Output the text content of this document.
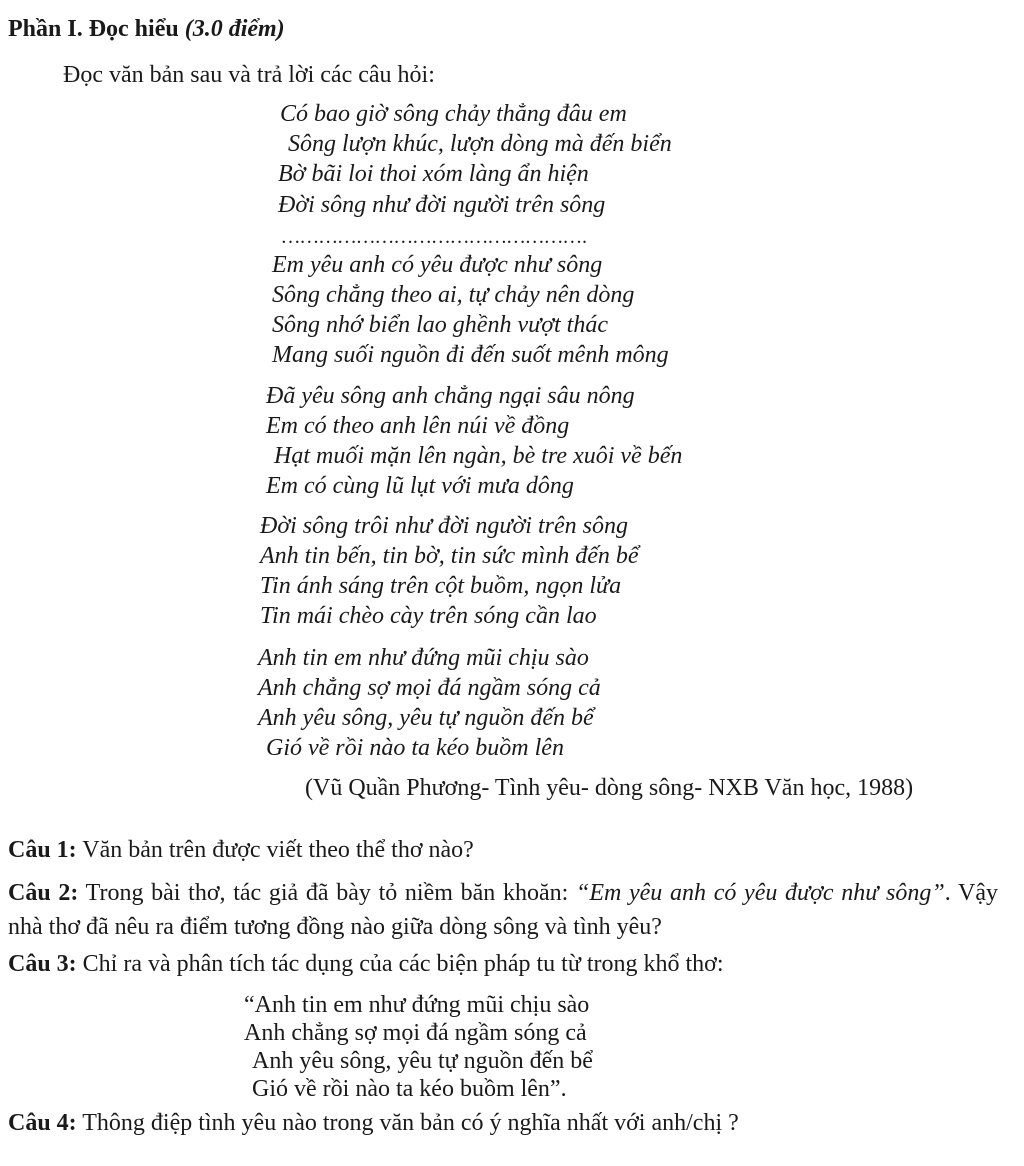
Phần I. Đọc hiểu (3.0 điểm)
Đọc văn bản sau và trả lời các câu hỏi:
Có bao giờ sông chảy thẳng đâu em
Sông lượn khúc, lượn dòng mà đến biển
Bờ bãi loi thoi xóm làng ẩn hiện
Đời sông như đời người trên sông
………………………………………….
Em yêu anh có yêu được như sông
Sông chẳng theo ai, tự chảy nên dòng
Sông nhớ biển lao ghềnh vượt thác
Mang suối nguồn đi đến suốt mênh mông
Đã yêu sông anh chẳng ngại sâu nông
Em có theo anh lên núi về đồng
Hạt muối mặn lên ngàn, bè tre xuôi về bến
Em có cùng lũ lụt với mưa dông
Đời sông trôi như đời người trên sông
Anh tin bến, tin bờ, tin sức mình đến bể
Tin ánh sáng trên cột buồm, ngọn lửa
Tin mái chèo cày trên sóng cần lao
Anh tin em như đứng mũi chịu sào
Anh chẳng sợ mọi đá ngầm sóng cả
Anh yêu sông, yêu tự nguồn đến bể
Gió về rồi nào ta kéo buồm lên
(Vũ Quần Phương- Tình yêu- dòng sông- NXB Văn học, 1988)
Câu 1: Văn bản trên được viết theo thể thơ nào?
Câu 2: Trong bài thơ, tác giả đã bày tỏ niềm băn khoăn: “Em yêu anh có yêu được như sông”. Vậy nhà thơ đã nêu ra điểm tương đồng nào giữa dòng sông và tình yêu?
Câu 3: Chỉ ra và phân tích tác dụng của các biện pháp tu từ trong khổ thơ:
“Anh tin em như đứng mũi chịu sào
Anh chẳng sợ mọi đá ngầm sóng cả
Anh yêu sông, yêu tự nguồn đến bể
Gió về rồi nào ta kéo buồm lên”.
Câu 4: Thông điệp tình yêu nào trong văn bản có ý nghĩa nhất với anh/chị ?
